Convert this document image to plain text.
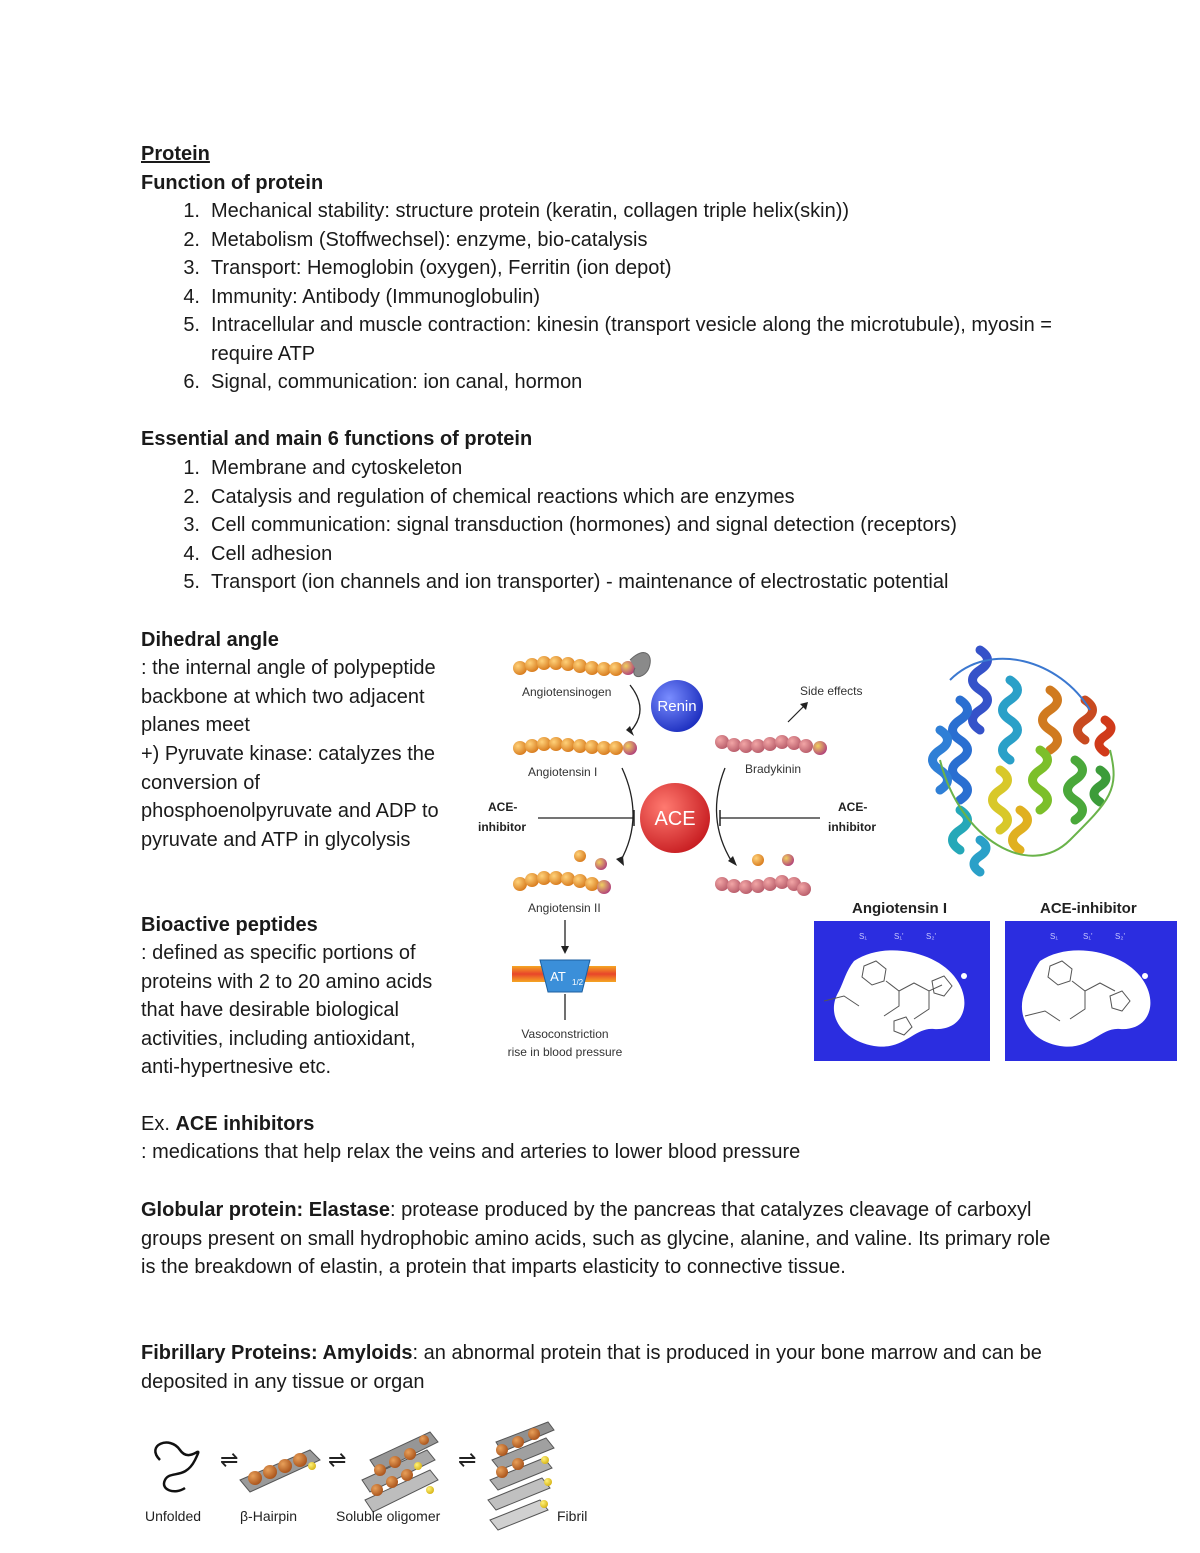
Protein
Function of protein
1. Mechanical stability: structure protein (keratin, collagen triple helix(skin))
2. Metabolism (Stoffwechsel): enzyme, bio-catalysis
3. Transport: Hemoglobin (oxygen), Ferritin (ion depot)
4. Immunity: Antibody (Immunoglobulin)
5. Intracellular and muscle contraction: kinesin (transport vesicle along the microtubule), myosin = require ATP
6. Signal, communication: ion canal, hormon
Essential and main 6 functions of protein
1. Membrane and cytoskeleton
2. Catalysis and regulation of chemical reactions which are enzymes
3. Cell communication: signal transduction (hormones) and signal detection (receptors)
4. Cell adhesion
5. Transport (ion channels and ion transporter) - maintenance of electrostatic potential
Dihedral angle

: the internal angle of polypeptide backbone at which two adjacent planes meet

+) Pyruvate kinase: catalyzes the conversion of phosphoenolpyruvate and ADP to pyruvate and ATP in glycolysis

Bioactive peptides

: defined as specific portions of proteins with 2 to 20 amino acids that have desirable biological activities, including antioxidant, anti-hypertnesive etc.

Ex. ACE inhibitors

: medications that help relax the veins and arteries to lower blood pressure

Globular protein: Elastase: protease produced by the pancreas that catalyzes cleavage of carboxyl groups present on small hydrophobic amino acids, such as glycine, alanine, and valine. Its primary role is the breakdown of elastin, a protein that imparts elasticity to connective tissue.

Fibrillary Proteins: Amyloids: an abnormal protein that is produced in your bone marrow and can be deposited in any tissue or organ

Angiotensinogen
Renin
Angiotensin I
Side effects
Bradykinin
ACE
ACE-
inhibitor
ACE-
inhibitor
Angiotensin II
AT 1/2
Vasoconstriction
rise in blood pressure
Angiotensin I	ACE-inhibitor
S₁	S₁'	S₂'	S₁	S₁'	S₂'
⇌	⇌	⇌
Unfolded	β-Hairpin	Soluble oligomer	Fibril
